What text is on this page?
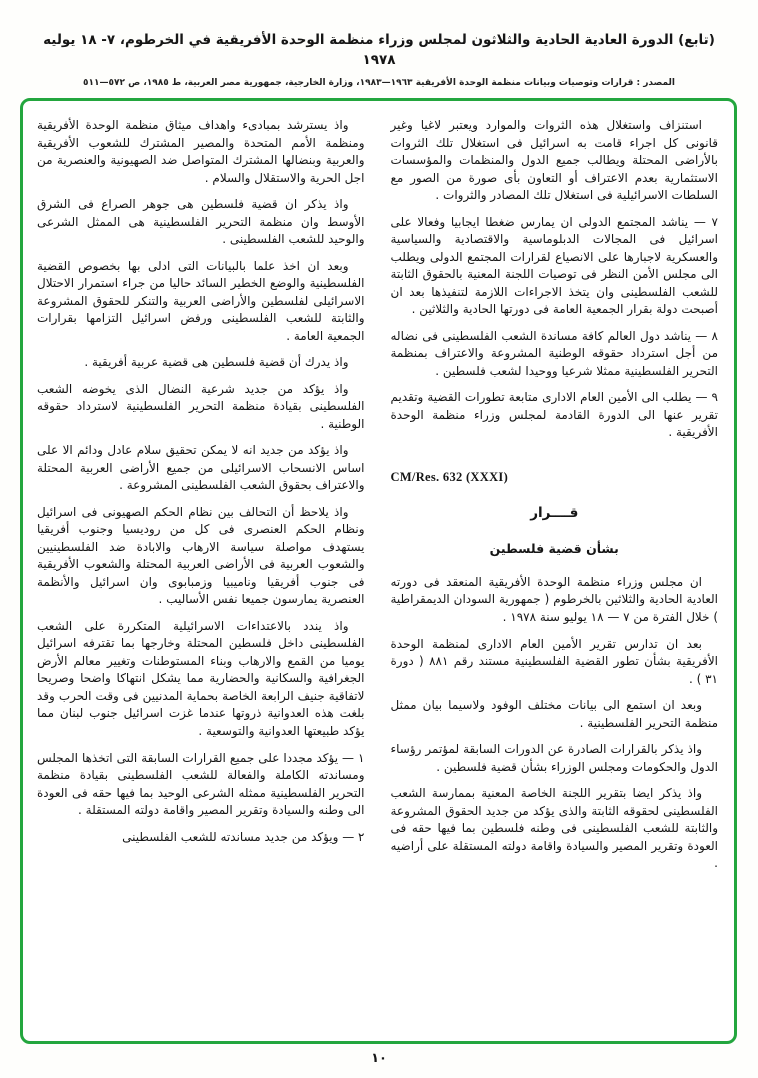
(تابع) الدورة العادية الحادية والثلاثون لمجلس وزراء منظمة الوحدة الأفريقية في الخرطوم، ٧- ١٨ يوليه ١٩٧٨
المصدر : قرارات وتوصيات وبيانات منظمة الوحدة الأفريقية ١٩٦٣—١٩٨٣، وزارة الخارجية، جمهورية مصر العربية، ط ١٩٨٥، ص ٥٧٢—٥١١

استنزاف واستغلال هذه الثروات والموارد ويعتبر لاغيا وغير قانونى كل اجراء قامت به اسرائيل فى استغلال تلك الثروات بالأراضى المحتلة ويطالب جميع الدول والمنظمات والمؤسسات الاستثمارية بعدم الاعتراف أو التعاون بأى صورة من الصور مع السلطات الاسرائيلية فى استغلال تلك المصادر والثروات .

٧ — يناشد المجتمع الدولى ان يمارس ضغطا ايجابيا وفعالا على اسرائيل فى المجالات الدبلوماسية والاقتصادية والسياسية والعسكرية لاجبارها على الانصياع لقرارات المجتمع الدولى ويطلب الى مجلس الأمن النظر فى توصيات اللجنة المعنية بالحقوق الثابتة للشعب الفلسطينى وان يتخذ الاجراءات اللازمة لتنفيذها بعد ان أصبحت دولة بقرار الجمعية العامة فى دورتها الحادية والثلاثين .

٨ — يناشد دول العالم كافة مساندة الشعب الفلسطينى فى نضاله من أجل استرداد حقوقه الوطنية المشروعة والاعتراف بمنظمة التحرير الفلسطينية ممثلا شرعيا ووحيدا لشعب فلسطين .

٩ — يطلب الى الأمين العام الادارى متابعة تطورات القضية وتقديم تقرير عنها الى الدورة القادمة لمجلس وزراء منظمة الوحدة الأفريقية .

CM/Res. 632 (XXXI)

قــــرار

بشأن قضية فلسطين

ان مجلس وزراء منظمة الوحدة الأفريقية المنعقد فى دورته العادية الحادية والثلاثين بالخرطوم ( جمهورية السودان الديمقراطية ) خلال الفترة من ٧ — ١٨ يوليو سنة ١٩٧٨ .

بعد ان تدارس تقرير الأمين العام الادارى لمنظمة الوحدة الأفريقية بشأن تطور القضية الفلسطينية مستند رقم ٨٨١ ( دورة ٣١ ) .

وبعد ان استمع الى بيانات مختلف الوفود ولاسيما بيان ممثل منظمة التحرير الفلسطينية .

واذ يذكر بالقرارات الصادرة عن الدورات السابقة لمؤتمر رؤساء الدول والحكومات ومجلس الوزراء بشأن قضية فلسطين .

واذ يذكر ايضا بتقرير اللجنة الخاصة المعنية بممارسة الشعب الفلسطينى لحقوقه الثابتة والذى يؤكد من جديد الحقوق المشروعة والثابتة للشعب الفلسطينى فى وطنه فلسطين بما فيها حقه فى العودة وتقرير المصير والسيادة واقامة دولته المستقلة على أراضيه .

واذ يسترشد بمبادىء واهداف ميثاق منظمة الوحدة الأفريقية ومنظمة الأمم المتحدة والمصير المشترك للشعوب الأفريقية والعربية وبنضالها المشترك المتواصل ضد الصهيونية والعنصرية من اجل الحرية والاستقلال والسلام .

واذ يذكر ان قضية فلسطين هى جوهر الصراع فى الشرق الأوسط وان منظمة التحرير الفلسطينية هى الممثل الشرعى والوحيد للشعب الفلسطينى .

وبعد ان اخذ علما بالبيانات التى ادلى بها بخصوص القضية الفلسطينية والوضع الخطير السائد حاليا من جراء استمرار الاحتلال الاسرائيلى لفلسطين والأراضى العربية والتنكر للحقوق المشروعة والثابتة للشعب الفلسطينى ورفض اسرائيل التزامها بقرارات الجمعية العامة .

واذ يدرك أن قضية فلسطين هى قضية عربية أفريقية .

واذ يؤكد من جديد شرعية النضال الذى يخوضه الشعب الفلسطينى بقيادة منظمة التحرير الفلسطينية لاسترداد حقوقه الوطنية .

واذ يؤكد من جديد انه لا يمكن تحقيق سلام عادل ودائم الا على اساس الانسحاب الاسرائيلى من جميع الأراضى العربية المحتلة والاعتراف بحقوق الشعب الفلسطينى المشروعة .

واذ يلاحظ أن التحالف بين نظام الحكم الصهيونى فى اسرائيل ونظام الحكم العنصرى فى كل من روديسيا وجنوب أفريقيا يستهدف مواصلة سياسة الارهاب والابادة ضد الفلسطينيين والشعوب العربية فى الأراضى العربية المحتلة والشعوب الأفريقية فى جنوب أفريقيا وناميبيا وزمبابوى وان اسرائيل والأنظمة العنصرية يمارسون جميعا نفس الأساليب .

واذ يندد بالاعتداءات الاسرائيلية المتكررة على الشعب الفلسطينى داخل فلسطين المحتلة وخارجها بما تقترفه اسرائيل يوميا من القمع والارهاب وبناء المستوطنات وتغيير معالم الأرض الجغرافية والسكانية والحضارية مما يشكل انتهاكا واضحا وصريحا لاتفاقية جنيف الرابعة الخاصة بحماية المدنيين فى وقت الحرب وقد بلغت هذه العدوانية ذروتها عندما غزت اسرائيل جنوب لبنان مما يؤكد طبيعتها العدوانية والتوسعية .

١ — يؤكد مجددا على جميع القرارات السابقة التى اتخذها المجلس ومساندته الكاملة والفعالة للشعب الفلسطينى بقيادة منظمة التحرير الفلسطينية ممثله الشرعى الوحيد بما فيها حقه فى العودة الى وطنه والسيادة وتقرير المصير واقامة دولته المستقلة .

٢ — ويؤكد من جديد مساندته للشعب الفلسطينى

١٠
